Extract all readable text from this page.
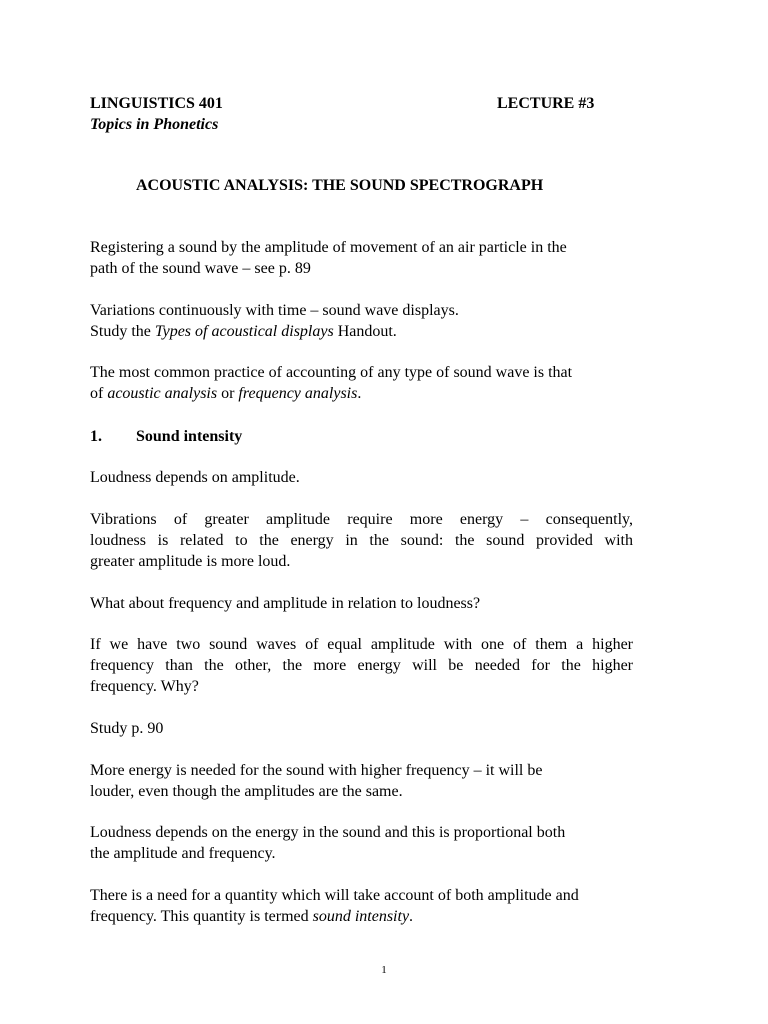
LINGUISTICS 401	LECTURE #3
Topics in Phonetics
ACOUSTIC ANALYSIS: THE SOUND SPECTROGRAPH
Registering a sound by the amplitude of movement of an air particle in the
path of the sound wave – see p. 89
Variations continuously with time – sound wave displays.
Study the Types of acoustical displays Handout.
The most common practice of accounting of any type of sound wave is that
of acoustic analysis or frequency analysis.
1. Sound intensity
Loudness depends on amplitude.
Vibrations of greater amplitude require more energy – consequently,
loudness is related to the energy in the sound: the sound provided with
greater amplitude is more loud.
What about frequency and amplitude in relation to loudness?
If we have two sound waves of equal amplitude with one of them a higher
frequency than the other, the more energy will be needed for the higher
frequency. Why?
Study p. 90
More energy is needed for the sound with higher frequency – it will be
louder, even though the amplitudes are the same.
Loudness depends on the energy in the sound and this is proportional both
the amplitude and frequency.
There is a need for a quantity which will take account of both amplitude and
frequency. This quantity is termed sound intensity.
1
